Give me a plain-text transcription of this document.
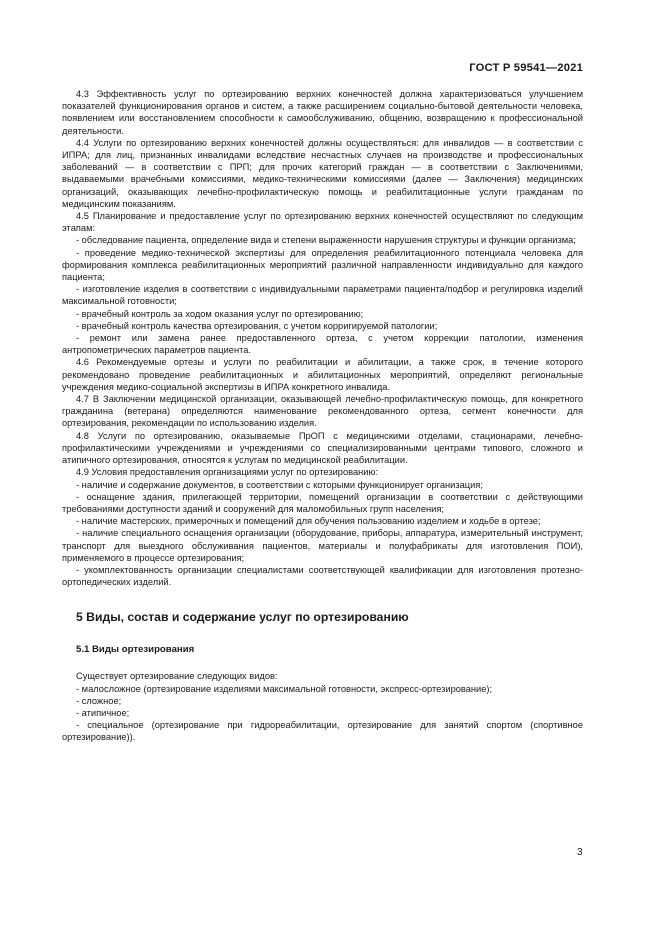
ГОСТ Р 59541—2021

4.3 Эффективность услуг по ортезированию верхних конечностей должна характеризоваться улучшением показателей функционирования органов и систем, а также расширением социально-бытовой деятельности человека, появлением или восстановлением способности к самообслуживанию, общению, возвращению к профессиональной деятельности.

4.4 Услуги по ортезированию верхних конечностей должны осуществляться: для инвалидов — в соответствии с ИПРА; для лиц, признанных инвалидами вследствие несчастных случаев на производстве и профессиональных заболеваний — в соответствии с ПРП; для прочих категорий граждан — в соответствии с Заключениями, выдаваемыми врачебными комиссиями, медико-техническими комиссиями (далее — Заключения) медицинских организаций, оказывающих лечебно-профилактическую помощь и реабилитационные услуги гражданам по медицинским показаниям.

4.5 Планирование и предоставление услуг по ортезированию верхних конечностей осуществляют по следующим этапам:

- обследование пациента, определение вида и степени выраженности нарушения структуры и функции организма;

- проведение медико-технической экспертизы для определения реабилитационного потенциала человека для формирования комплекса реабилитационных мероприятий различной направленности индивидуально для каждого пациента;

- изготовление изделия в соответствии с индивидуальными параметрами пациента/подбор и регулировка изделий максимальной готовности;

- врачебный контроль за ходом оказания услуг по ортезированию;

- врачебный контроль качества ортезирования, с учетом корригируемой патологии;

- ремонт или замена ранее предоставленного ортеза, с учетом коррекции патологии, изменения антропометрических параметров пациента.

4.6 Рекомендуемые ортезы и услуги по реабилитации и абилитации, а также срок, в течение которого рекомендовано проведение реабилитационных и абилитационных мероприятий, определяют региональные учреждения медико-социальной экспертизы в ИПРА конкретного инвалида.

4.7 В Заключении медицинской организации, оказывающей лечебно-профилактическую помощь, для конкретного гражданина (ветерана) определяются наименование рекомендованного ортеза, сегмент конечности для ортезирования, рекомендации по использованию изделия.

4.8 Услуги по ортезированию, оказываемые ПрОП с медицинскими отделами, стационарами, лечебно-профилактическими учреждениями и учреждениями со специализированными центрами типового, сложного и атипичного ортезирования, относятся к услугам по медицинской реабилитации.

4.9 Условия предоставления организациями услуг по ортезированию:

- наличие и содержание документов, в соответствии с которыми функционирует организация;

- оснащение здания, прилегающей территории, помещений организации в соответствии с действующими требованиями доступности зданий и сооружений для маломобильных групп населения;

- наличие мастерских, примерочных и помещений для обучения пользованию изделием и ходьбе в ортезе;

- наличие специального оснащения организации (оборудование, приборы, аппаратура, измерительный инструмент, транспорт для выездного обслуживания пациентов, материалы и полуфабрикаты для изготовления ПОИ), применяемого в процессе ортезирования;

- укомплектованность организации специалистами соответствующей квалификации для изготовления протезно-ортопедических изделий.

5 Виды, состав и содержание услуг по ортезированию
5.1 Виды ортезирования

Существует ортезирование следующих видов:

- малосложное (ортезирование изделиями максимальной готовности, экспресс-ортезирование);

- сложное;

- атипичное;

- специальное (ортезирование при гидрореабилитации, ортезирование для занятий спортом (спортивное ортезирование)).

3
